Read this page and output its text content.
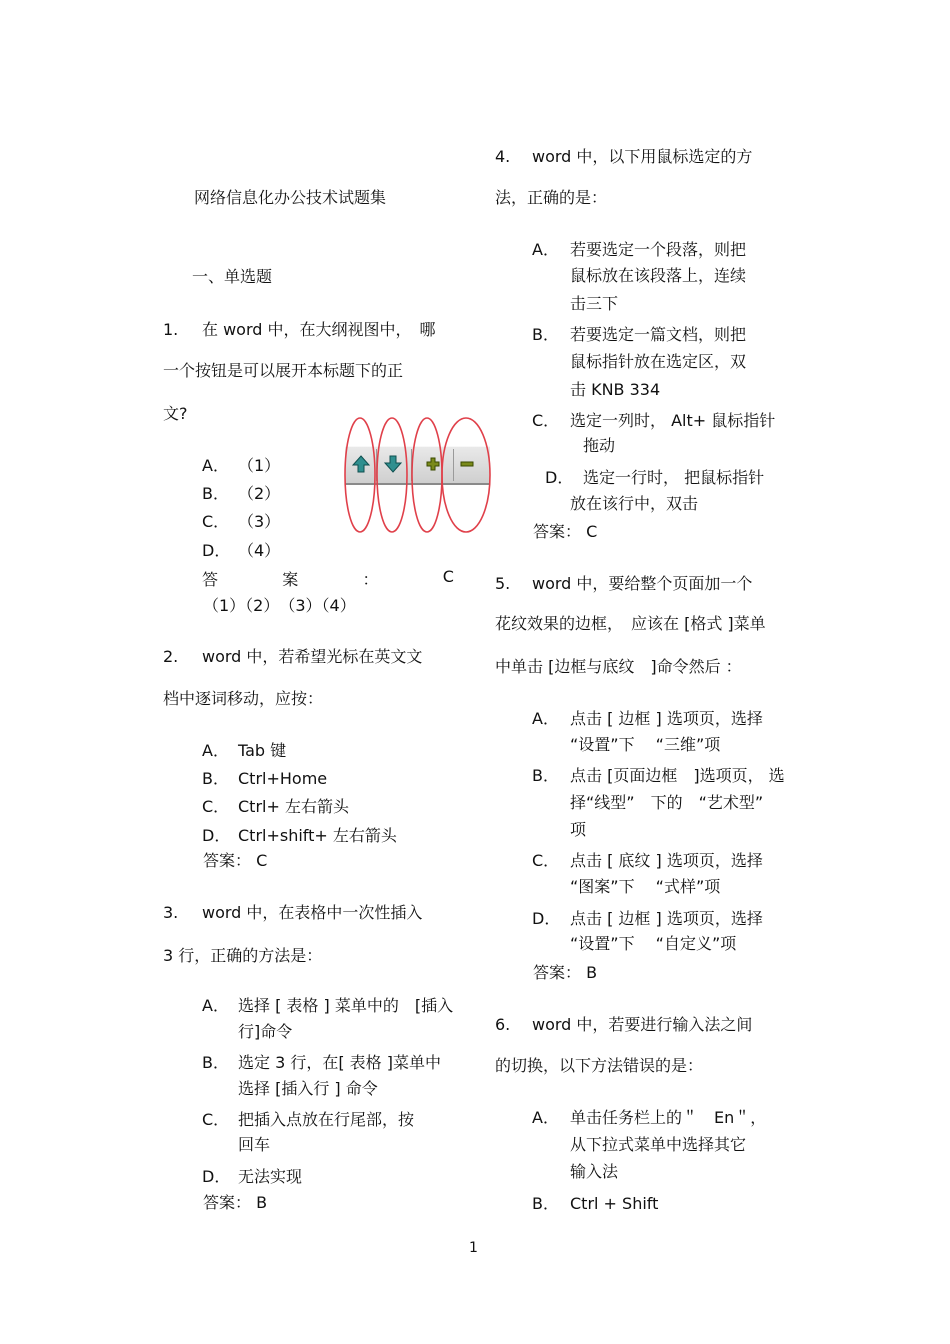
网络信息化办公技术试题集
一、单选题
1. 在 word 中，在大纲视图中，　哪
一个按钮是可以展开本标题下的正
文?
A． （1）
B． （2）
C． （3）
D． （4）
答	案	：	C
（1）（2）　（3）（4）
2. word 中，若希望光标在英文文
档中逐词移动，应按：
A． Tab 键
B． Ctrl+Home
C． Ctrl+ 左右箭头
D． Ctrl+shift+ 左右箭头
答案： C
3. word 中，在表格中一次性插入
3 行，正确的方法是：
A． 选择 [ 表格 ] 菜单中的　[插入
行]命令
B． 选定 3 行，在[ 表格 ]菜单中
选择 [插入行 ] 命令
C． 把插入点放在行尾部，按
回车
D． 无法实现
答案： B
4. word 中，以下用鼠标选定的方
法，正确的是：
A． 若要选定一个段落，则把
鼠标放在该段落上，连续
击三下
B． 若要选定一篇文档，则把
鼠标指针放在选定区，双
击 KNB 334
C． 选定一列时， Alt+ 鼠标指针
拖动
D． 选定一行时， 把鼠标指针
放在该行中，双击
答案： C
5. word 中，要给整个页面加一个
花纹效果的边框，　应该在 [格式 ]菜单
中单击 [边框与底纹　]命令然后 ：
A． 点击 [ 边框 ] 选项页，选择
“设置”下　 “三维”项
B． 点击 [页面边框　]选项页， 选
择“线型”　下的　“艺术型”
项
C． 点击 [ 底纹 ] 选项页，选择
“图案”下　 “式样”项
D． 点击 [ 边框 ] 选项页，选择
“设置”下　 “自定义”项
答案： B
6. word 中，若要进行输入法之间
的切换，以下方法错误的是：
A． 单击任务栏上的＂　En＂，
从下拉式菜单中选择其它
输入法
B． Ctrl + Shift
1
